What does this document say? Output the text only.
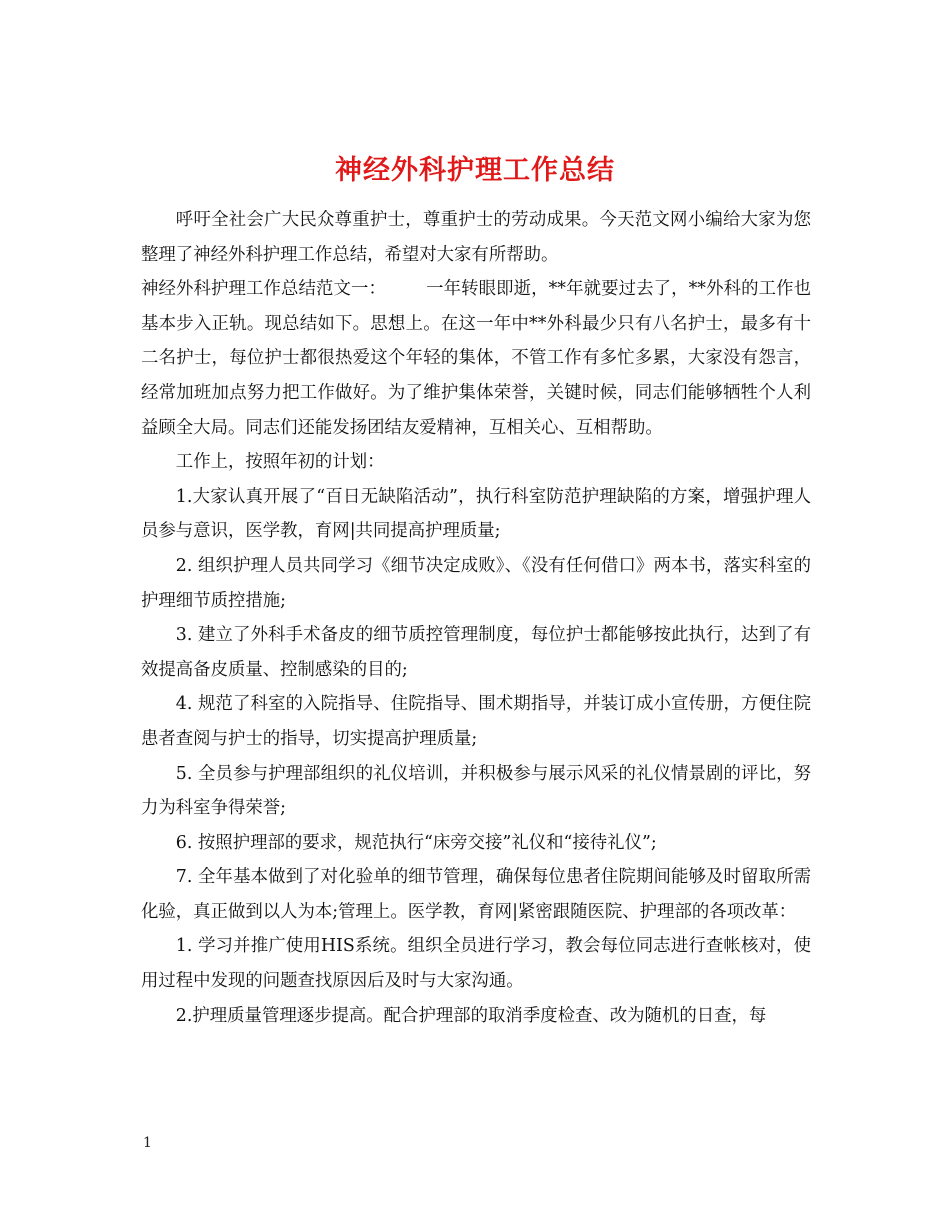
神经外科护理工作总结

呼吁全社会广大民众尊重护士，尊重护士的劳动成果。今天范文网小编给大家为您整理了神经外科护理工作总结，希望对大家有所帮助。

神经外科护理工作总结范文一： 一年转眼即逝，**年就要过去了，**外科的工作也基本步入正轨。现总结如下。思想上。在这一年中**外科最少只有八名护士，最多有十二名护士，每位护士都很热爱这个年轻的集体，不管工作有多忙多累，大家没有怨言，经常加班加点努力把工作做好。为了维护集体荣誉，关键时候，同志们能够牺牲个人利益顾全大局。同志们还能发扬团结友爱精神，互相关心、互相帮助。

工作上，按照年初的计划：

1.大家认真开展了“百日无缺陷活动”，执行科室防范护理缺陷的方案，增强护理人员参与意识，医学教，育网|共同提高护理质量;

2. 组织护理人员共同学习《细节决定成败》、《没有任何借口》两本书，落实科室的护理细节质控措施;

3. 建立了外科手术备皮的细节质控管理制度，每位护士都能够按此执行，达到了有效提高备皮质量、控制感染的目的;

4. 规范了科室的入院指导、住院指导、围术期指导，并装订成小宣传册，方便住院患者查阅与护士的指导，切实提高护理质量;

5. 全员参与护理部组织的礼仪培训，并积极参与展示风采的礼仪情景剧的评比，努力为科室争得荣誉;

6. 按照护理部的要求，规范执行“床旁交接”礼仪和“接待礼仪”;

7. 全年基本做到了对化验单的细节管理，确保每位患者住院期间能够及时留取所需化验，真正做到以人为本;管理上。医学教，育网|紧密跟随医院、护理部的各项改革：

1. 学习并推广使用HIS系统。组织全员进行学习，教会每位同志进行查帐核对，使用过程中发现的问题查找原因后及时与大家沟通。

2.护理质量管理逐步提高。配合护理部的取消季度检查、改为随机的日查，每

1
